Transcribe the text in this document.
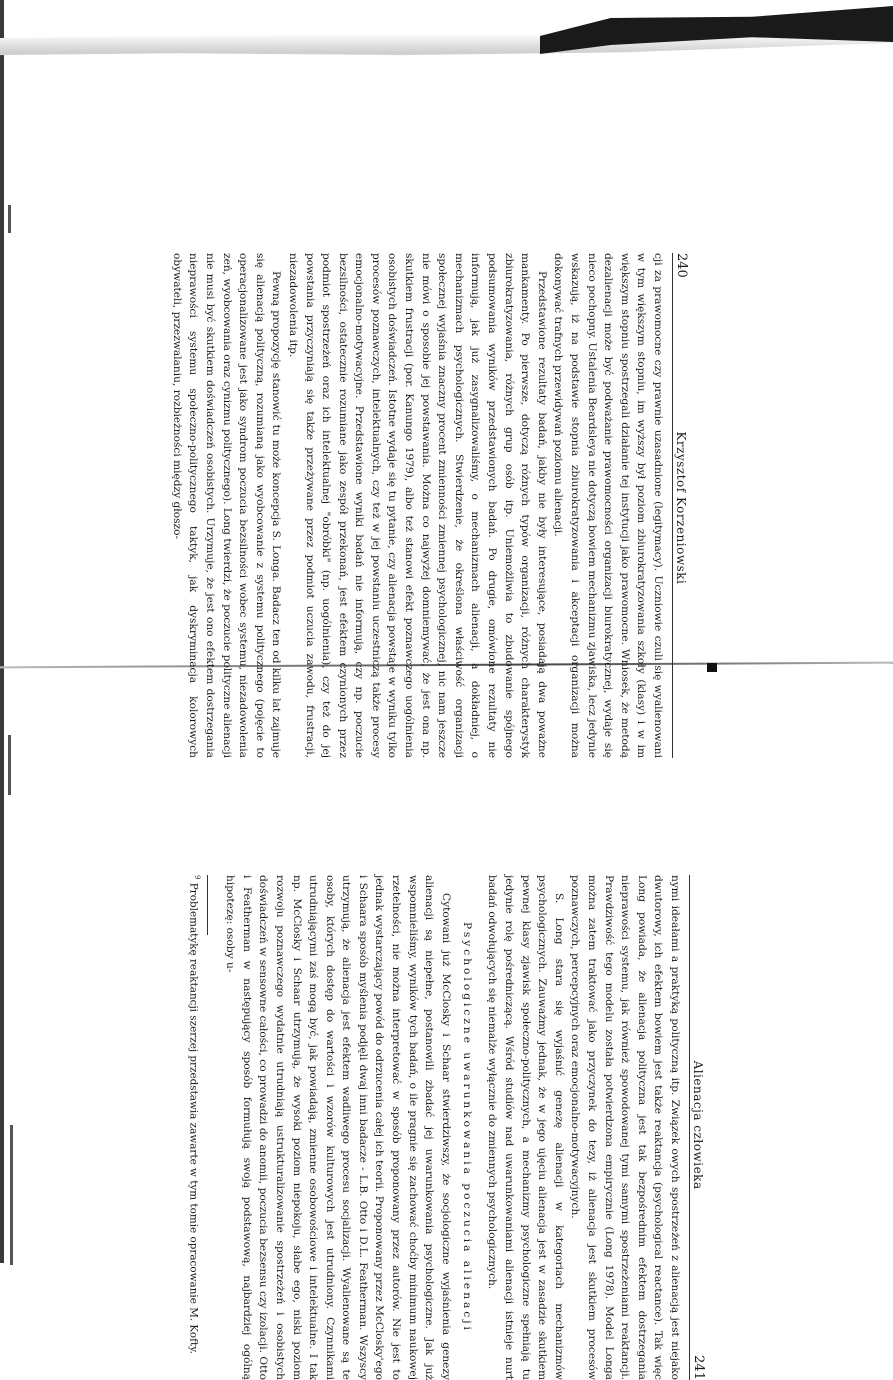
240
Krzysztof Korzeniowski

cji za prawomocne czy prawnie uzasadnione (legitymacy). Uczniowie czuli się wyalienowani w tym większym stopniu, im wyższy był poziom zbiurokratyzowania szkoły (klasy) i w im większym stopniu spostrzegali działanie tej instytucji jako prawomocne. Wniosek, że metodą dezalienacji może być podważanie prawomocności organizacji biurokratycznej, wydaje się nieco pochopny. Ustalenia Beardsleya nie dotyczą bowiem mechanizmu zjawiska, lecz jedynie wskazują, iż na podstawie stopnia zbiurokratyzowania i akceptacji organizacji można dokonywać trafnych przewidywań poziomu alienacji.

Przedstawione rezultaty badań, jakby nie były interesujące, posiadają dwa poważne mankamenty. Po pierwsze, dotyczą różnych typów organizacji, różnych charakterystyk zbiurokratyzowania, różnych grup osób itp. Uniemożliwia to zbudowanie spójnego podsumowania wyników przedstawionych badań. Po drugie, omówione rezultaty nie informują, jak już zasygnalizowaliśmy, o mechanizmach alienacji, a dokładniej, o mechanizmach psychologicznych. Stwierdzenie, że określona właściwość organizacji społecznej wyjaśnia znaczny procent zmienności zmiennej psychologicznej, nic nam jeszcze nie mówi o sposobie jej powstawania. Można co najwyżej domniemywać, że jest ona np. skutkiem frustracji (por. Kanungo 1979), albo też stanowi efekt poznawczego uogólnienia osobistych doświadczeń. Istotne wydaje się tu pytanie, czy alienacja powstaje w wyniku tylko procesów poznawczych, intelektualnych, czy też w jej powstaniu uczestniczą także procesy emocjonalno-motywacyjne. Przedstawione wyniki badań nie informują, czy np. poczucie bezsilności, ostatecznie rozumiane jako zespół przekonań, jest efektem czynionych przez podmiot spostrzeżeń oraz ich intelektualnej "obróbki" (np. uogólnienia), czy też do jej powstania przyczyniają się także przeżywane przez podmiot uczucia zawodu, frustracji, niezadowolenia itp.

Pewną propozycję stanowić tu może koncepcja S. Longa. Badacz ten od kilku lat zajmuje się alienacją polityczną, rozumianą jako wyobcowanie z systemu politycznego (pojęcie to operacjonalizowane jest jako syndrom poczucia bezsilności wobec systemu, niezadowolenia zeń, wyobcowania oraz cynizmu politycznego). Long twierdzi, że poczucie polityczne alienacji nie musi być skutkiem doświadczeń osobistych. Urzymuje, że jest ono efektem dostrzegania nieprawości systemu społeczno-politycznego taktyk, jak dyskryminacja kolorowych obywateli, przezwalaniu, rozbieżności między głoszo-

Alienacja człowieka
241

nymi ideałami a praktyką polityczną itp. Związek owych spostrzeżeń z alienacją jest niejako dwutorowy, ich efektem bowiem jest także reaktancja (psychological reactance). Tak więc Long powiada, że alienacja polityczna jest tak bezpośrednim efektem dostrzegania nieprawości systemu, jak również spowodowanej tymi samymi spostrzeżeniami reaktancji. Prawdziwość tego modelu została potwierdzona empirycznie (Long 1978). Model Longa można zatem traktować jako przyczynek do tezy, iż alienacja jest skutkiem procesów poznawczych, percepcyjnych oraz emocjonalno-motywacyjnych.

S. Long stara się wyjaśnić genezę alienacji w kategoriach mechanizmów psychologicznych. Zauważmy jednak, że w jego ujęciu alienacja jest w zasadzie skutkiem pewnej klasy zjawisk społeczno-politycznych, a mechanizmy psychologiczne spełniają tu jedynie rolę pośredniczącą. Wśród studiów nad uwarunkowaniami alienacji istnieje nurt badań odwołujących się niemalże wyłącznie do zmiennych psychologicznych.

Psychologiczne uwarunkowania poczucia alienacji

Cytowani już McClosky i Schaar stwierdziwszy, że socjologiczne wyjaśnienia genezy alienacji są niepełne, postanowili zbadać jej uwarunkowania psychologiczne. Jak już wspomnieliśmy, wyników tych badań, o ile pragnie się zachować choćby minimum naukowej rzetelności, nie można interpretować w sposób proponowany przez autorów. Nie jest to jednak wystarczający powód do odrzucenia całej ich teorii. Proponowany przez McClosky'ego i Schaara sposób myślenia podjęli dwaj inni badacze - L.B. Otto i D.L. Featherman. Wszyscy utrzymują, że alienacja jest efektem wadliwego procesu socjalizacji. Wyalienowane są te osoby, których dostęp do wartości i wzorów kulturowych jest utrudniony. Czynnikami utrudniającymi zaś mogą być, jak powiadają, zmienne osobowościowe i intelektualne. I tak np. McClosky i Schaar utrzymują, że wysoki poziom niepokoju, słabe ego, niski poziom rozwoju poznawczego wydatnie utrudniają ustrukturalizowanie spostrzeżeń i osobistych doświadczeń w sensowne całości, co prowadzi do anomii, poczucia bezsensu czy izolacji. Otto i Featherman w następujący sposób formułują swoją podstawową, najbardziej ogólną hipotezę: osoby u-

$^9$ Problematykę reaktancji szerzej przedstawia zawarte w tym tomie opracowanie M. Kofty.
